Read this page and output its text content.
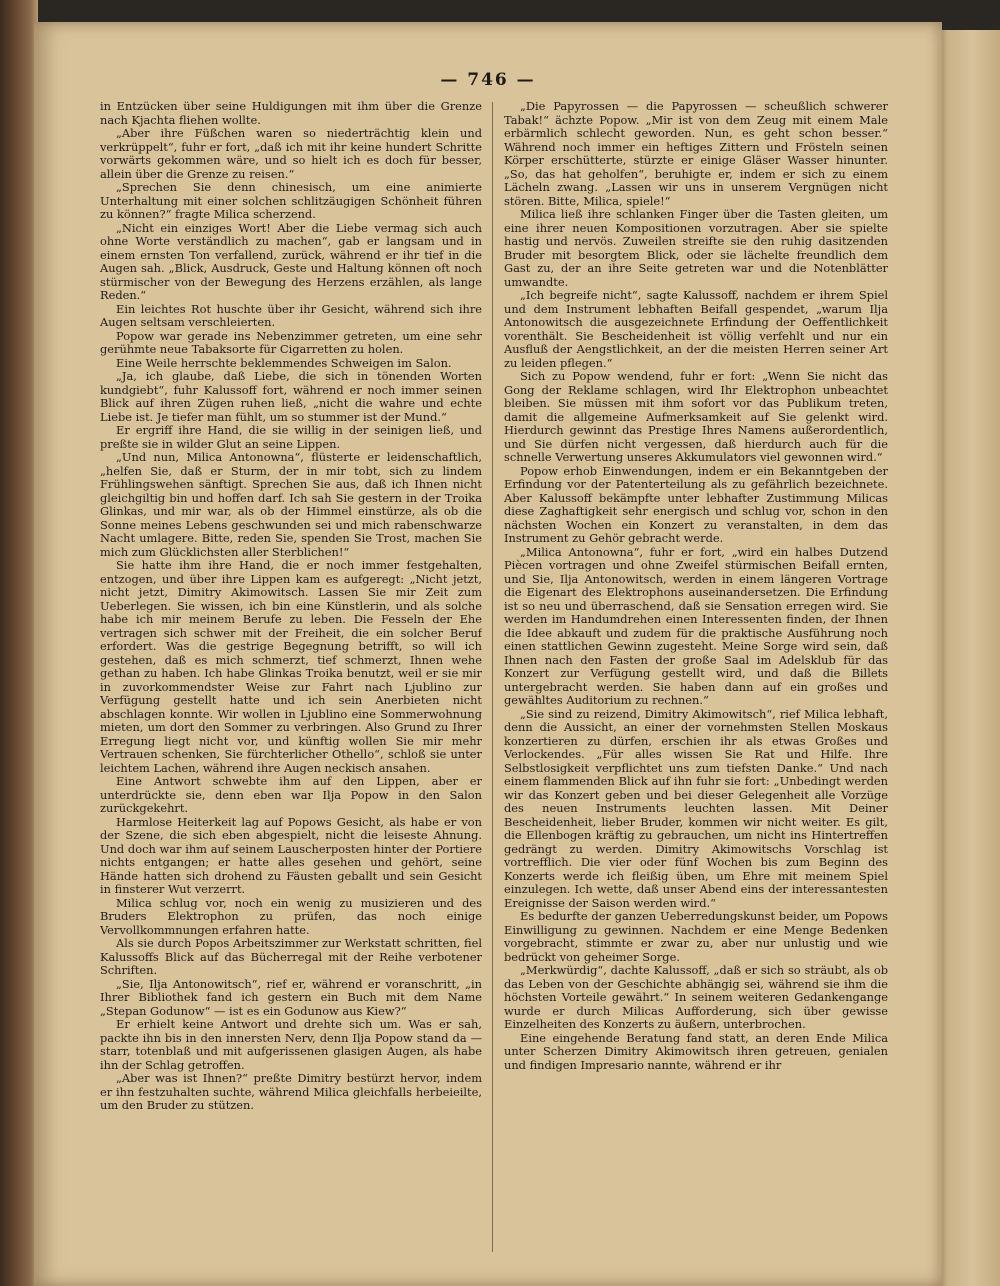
— 746 —

in Entzücken über seine Huldigungen mit ihm über die Grenze nach Kjachta fliehen wollte.

„Aber ihre Füßchen waren so niederträchtig klein und verkrüppelt“, fuhr er fort, „daß ich mit ihr keine hundert Schritte vorwärts gekommen wäre, und so hielt ich es doch für besser, allein über die Grenze zu reisen.“

„Sprechen Sie denn chinesisch, um eine animierte Unterhaltung mit einer solchen schlitzäugigen Schönheit führen zu können?“ fragte Milica scherzend.

„Nicht ein einziges Wort! Aber die Liebe vermag sich auch ohne Worte verständlich zu machen“, gab er langsam und in einem ernsten Ton verfallend, zurück, während er ihr tief in die Augen sah. „Blick, Ausdruck, Geste und Haltung können oft noch stürmischer von der Bewegung des Herzens erzählen, als lange Reden.“

Ein leichtes Rot huschte über ihr Gesicht, während sich ihre Augen seltsam verschleierten.

Popow war gerade ins Nebenzimmer getreten, um eine sehr gerühmte neue Tabaksorte für Cigarretten zu holen.

Eine Weile herrschte beklemmendes Schweigen im Salon.

„Ja, ich glaube, daß Liebe, die sich in tönenden Worten kundgiebt“, fuhr Kalussoff fort, während er noch immer seinen Blick auf ihren Zügen ruhen ließ, „nicht die wahre und echte Liebe ist. Je tiefer man fühlt, um so stummer ist der Mund.“

Er ergriff ihre Hand, die sie willig in der seinigen ließ, und preßte sie in wilder Glut an seine Lippen.

„Und nun, Milica Antonowna“, flüsterte er leidenschaftlich, „helfen Sie, daß er Sturm, der in mir tobt, sich zu lindem Frühlingswehen sänftigt. Sprechen Sie aus, daß ich Ihnen nicht gleichgiltig bin und hoffen darf. Ich sah Sie gestern in der Troika Glinkas, und mir war, als ob der Himmel einstürze, als ob die Sonne meines Lebens geschwunden sei und mich rabenschwarze Nacht umlagere. Bitte, reden Sie, spenden Sie Trost, machen Sie mich zum Glücklichsten aller Sterblichen!“

Sie hatte ihm ihre Hand, die er noch immer festgehalten, entzogen, und über ihre Lippen kam es aufgeregt: „Nicht jetzt, nicht jetzt, Dimitry Akimowitsch. Lassen Sie mir Zeit zum Ueberlegen. Sie wissen, ich bin eine Künstlerin, und als solche habe ich mir meinem Berufe zu leben. Die Fesseln der Ehe vertragen sich schwer mit der Freiheit, die ein solcher Beruf erfordert. Was die gestrige Begegnung betrifft, so will ich gestehen, daß es mich schmerzt, tief schmerzt, Ihnen wehe gethan zu haben. Ich habe Glinkas Troika benutzt, weil er sie mir in zuvorkommendster Weise zur Fahrt nach Ljublino zur Verfügung gestellt hatte und ich sein Anerbieten nicht abschlagen konnte. Wir wollen in Ljublino eine Sommerwohnung mieten, um dort den Sommer zu verbringen. Also Grund zu Ihrer Erregung liegt nicht vor, und künftig wollen Sie mir mehr Vertrauen schenken, Sie fürchterlicher Othello“, schloß sie unter leichtem Lachen, während ihre Augen neckisch ansahen.

Eine Antwort schwebte ihm auf den Lippen, aber er unterdrückte sie, denn eben war Ilja Popow in den Salon zurückgekehrt.

Harmlose Heiterkeit lag auf Popows Gesicht, als habe er von der Szene, die sich eben abgespielt, nicht die leiseste Ahnung. Und doch war ihm auf seinem Lauscherposten hinter der Portiere nichts entgangen; er hatte alles gesehen und gehört, seine Hände hatten sich drohend zu Fäusten geballt und sein Gesicht in finsterer Wut verzerrt.

Milica schlug vor, noch ein wenig zu musizieren und des Bruders Elektrophon zu prüfen, das noch einige Vervollkommnungen erfahren hatte.

Als sie durch Popos Arbeitszimmer zur Werkstatt schritten, fiel Kalussoffs Blick auf das Bücherregal mit der Reihe verbotener Schriften.

„Sie, Ilja Antonowitsch“, rief er, während er voranschritt, „in Ihrer Bibliothek fand ich gestern ein Buch mit dem Name „Stepan Godunow“ — ist es ein Godunow aus Kiew?“

Er erhielt keine Antwort und drehte sich um. Was er sah, packte ihn bis in den innersten Nerv, denn Ilja Popow stand da — starr, totenblaß und mit aufgerissenen glasigen Augen, als habe ihn der Schlag getroffen.

„Aber was ist Ihnen?“ preßte Dimitry bestürzt hervor, indem er ihn festzuhalten suchte, während Milica gleichfalls herbeieilte, um den Bruder zu stützen.

„Die Papyrossen — die Papyrossen — scheußlich schwerer Tabak!“ ächzte Popow. „Mir ist von dem Zeug mit einem Male erbärmlich schlecht geworden. Nun, es geht schon besser.“ Während noch immer ein heftiges Zittern und Frösteln seinen Körper erschütterte, stürzte er einige Gläser Wasser hinunter. „So, das hat geholfen“, beruhigte er, indem er sich zu einem Lächeln zwang. „Lassen wir uns in unserem Vergnügen nicht stören. Bitte, Milica, spiele!“

Milica ließ ihre schlanken Finger über die Tasten gleiten, um eine ihrer neuen Kompositionen vorzutragen. Aber sie spielte hastig und nervös. Zuweilen streifte sie den ruhig dasitzenden Bruder mit besorgtem Blick, oder sie lächelte freundlich dem Gast zu, der an ihre Seite getreten war und die Notenblätter umwandte.

„Ich begreife nicht“, sagte Kalussoff, nachdem er ihrem Spiel und dem Instrument lebhaften Beifall gespendet, „warum Ilja Antonowitsch die ausgezeichnete Erfindung der Oeffentlichkeit vorenthält. Sie Bescheidenheit ist völlig verfehlt und nur ein Ausfluß der Aengstlichkeit, an der die meisten Herren seiner Art zu leiden pflegen.“

Sich zu Popow wendend, fuhr er fort: „Wenn Sie nicht das Gong der Reklame schlagen, wird Ihr Elektrophon unbeachtet bleiben. Sie müssen mit ihm sofort vor das Publikum treten, damit die allgemeine Aufmerksamkeit auf Sie gelenkt wird. Hierdurch gewinnt das Prestige Ihres Namens außerordentlich, und Sie dürfen nicht vergessen, daß hierdurch auch für die schnelle Verwertung unseres Akkumulators viel gewonnen wird.“

Popow erhob Einwendungen, indem er ein Bekanntgeben der Erfindung vor der Patenterteilung als zu gefährlich bezeichnete. Aber Kalussoff bekämpfte unter lebhafter Zustimmung Milicas diese Zaghaftigkeit sehr energisch und schlug vor, schon in den nächsten Wochen ein Konzert zu veranstalten, in dem das Instrument zu Gehör gebracht werde.

„Milica Antonowna“, fuhr er fort, „wird ein halbes Dutzend Piècen vortragen und ohne Zweifel stürmischen Beifall ernten, und Sie, Ilja Antonowitsch, werden in einem längeren Vortrage die Eigenart des Elektrophons auseinandersetzen. Die Erfindung ist so neu und überraschend, daß sie Sensation erregen wird. Sie werden im Handumdrehen einen Interessenten finden, der Ihnen die Idee abkauft und zudem für die praktische Ausführung noch einen stattlichen Gewinn zugesteht. Meine Sorge wird sein, daß Ihnen nach den Fasten der große Saal im Adelsklub für das Konzert zur Verfügung gestellt wird, und daß die Billets untergebracht werden. Sie haben dann auf ein großes und gewähltes Auditorium zu rechnen.“

„Sie sind zu reizend, Dimitry Akimowitsch“, rief Milica lebhaft, denn die Aussicht, an einer der vornehmsten Stellen Moskaus konzertieren zu dürfen, erschien ihr als etwas Großes und Verlockendes. „Für alles wissen Sie Rat und Hilfe. Ihre Selbstlosigkeit verpflichtet uns zum tiefsten Danke.“ Und nach einem flammenden Blick auf ihn fuhr sie fort: „Unbedingt werden wir das Konzert geben und bei dieser Gelegenheit alle Vorzüge des neuen Instruments leuchten lassen. Mit Deiner Bescheidenheit, lieber Bruder, kommen wir nicht weiter. Es gilt, die Ellenbogen kräftig zu gebrauchen, um nicht ins Hintertreffen gedrängt zu werden. Dimitry Akimowitschs Vorschlag ist vortrefflich. Die vier oder fünf Wochen bis zum Beginn des Konzerts werde ich fleißig üben, um Ehre mit meinem Spiel einzulegen. Ich wette, daß unser Abend eins der interessantesten Ereignisse der Saison werden wird.“

Es bedurfte der ganzen Ueberredungskunst beider, um Popows Einwilligung zu gewinnen. Nachdem er eine Menge Bedenken vorgebracht, stimmte er zwar zu, aber nur unlustig und wie bedrückt von geheimer Sorge.

„Merkwürdig“, dachte Kalussoff, „daß er sich so sträubt, als ob das Leben von der Geschichte abhängig sei, während sie ihm die höchsten Vorteile gewährt.“ In seinem weiteren Gedankengange wurde er durch Milicas Aufforderung, sich über gewisse Einzelheiten des Konzerts zu äußern, unterbrochen.

Eine eingehende Beratung fand statt, an deren Ende Milica unter Scherzen Dimitry Akimowitsch ihren getreuen, genialen und findigen Impresario nannte, während er ihr
